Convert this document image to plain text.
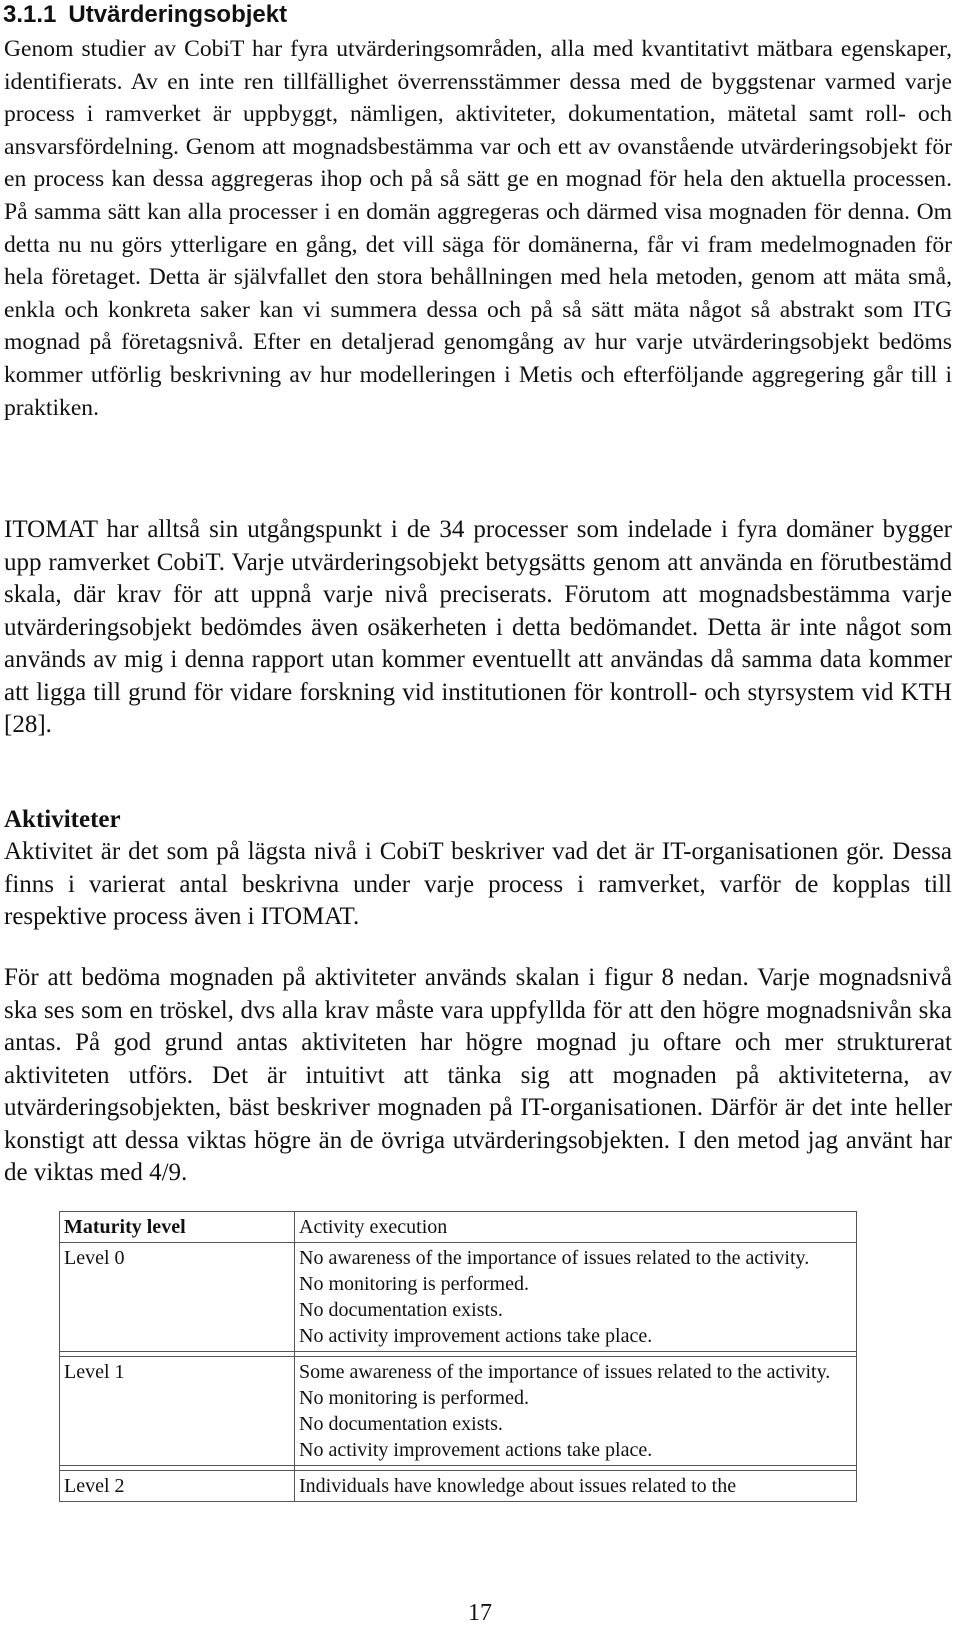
3.1.1 Utvärderingsobjekt

Genom studier av CobiT har fyra utvärderingsområden, alla med kvantitativt mätbara egenskaper, identifierats. Av en inte ren tillfällighet överrensstämmer dessa med de byggstenar varmed varje process i ramverket är uppbyggt, nämligen, aktiviteter, dokumentation, mätetal samt roll- och ansvarsfördelning. Genom att mognadsbestämma var och ett av ovanstående utvärderingsobjekt för en process kan dessa aggregeras ihop och på så sätt ge en mognad för hela den aktuella processen. På samma sätt kan alla processer i en domän aggregeras och därmed visa mognaden för denna. Om detta nu nu görs ytterligare en gång, det vill säga för domänerna, får vi fram medelmognaden för hela företaget. Detta är självfallet den stora behållningen med hela metoden, genom att mäta små, enkla och konkreta saker kan vi summera dessa och på så sätt mäta något så abstrakt som ITG mognad på företagsnivå. Efter en detaljerad genomgång av hur varje utvärderingsobjekt bedöms kommer utförlig beskrivning av hur modelleringen i Metis och efterföljande aggregering går till i praktiken.

ITOMAT har alltså sin utgångspunkt i de 34 processer som indelade i fyra domäner bygger upp ramverket CobiT. Varje utvärderingsobjekt betygsätts genom att använda en förutbestämd skala, där krav för att uppnå varje nivå preciserats. Förutom att mognadsbestämma varje utvärderingsobjekt bedömdes även osäkerheten i detta bedömandet. Detta är inte något som används av mig i denna rapport utan kommer eventuellt att användas då samma data kommer att ligga till grund för vidare forskning vid institutionen för kontroll- och styrsystem vid KTH [28].

Aktiviteter

Aktivitet är det som på lägsta nivå i CobiT beskriver vad det är IT-organisationen gör. Dessa finns i varierat antal beskrivna under varje process i ramverket, varför de kopplas till respektive process även i ITOMAT.

För att bedöma mognaden på aktiviteter används skalan i figur 8 nedan. Varje mognadsnivå ska ses som en tröskel, dvs alla krav måste vara uppfyllda för att den högre mognadsnivån ska antas. På god grund antas aktiviteten har högre mognad ju oftare och mer strukturerat aktiviteten utförs. Det är intuitivt att tänka sig att mognaden på aktiviteterna, av utvärderingsobjekten, bäst beskriver mognaden på IT-organisationen. Därför är det inte heller konstigt att dessa viktas högre än de övriga utvärderingsobjekten. I den metod jag använt har de viktas med 4/9.

Maturity level	Activity execution
Level 0	No awareness of the importance of issues related to the activity.
No monitoring is performed.
No documentation exists.
No activity improvement actions take place.

Level 1	Some awareness of the importance of issues related to the activity.
No monitoring is performed.
No documentation exists.
No activity improvement actions take place.

Level 2	Individuals have knowledge about issues related to the
17
